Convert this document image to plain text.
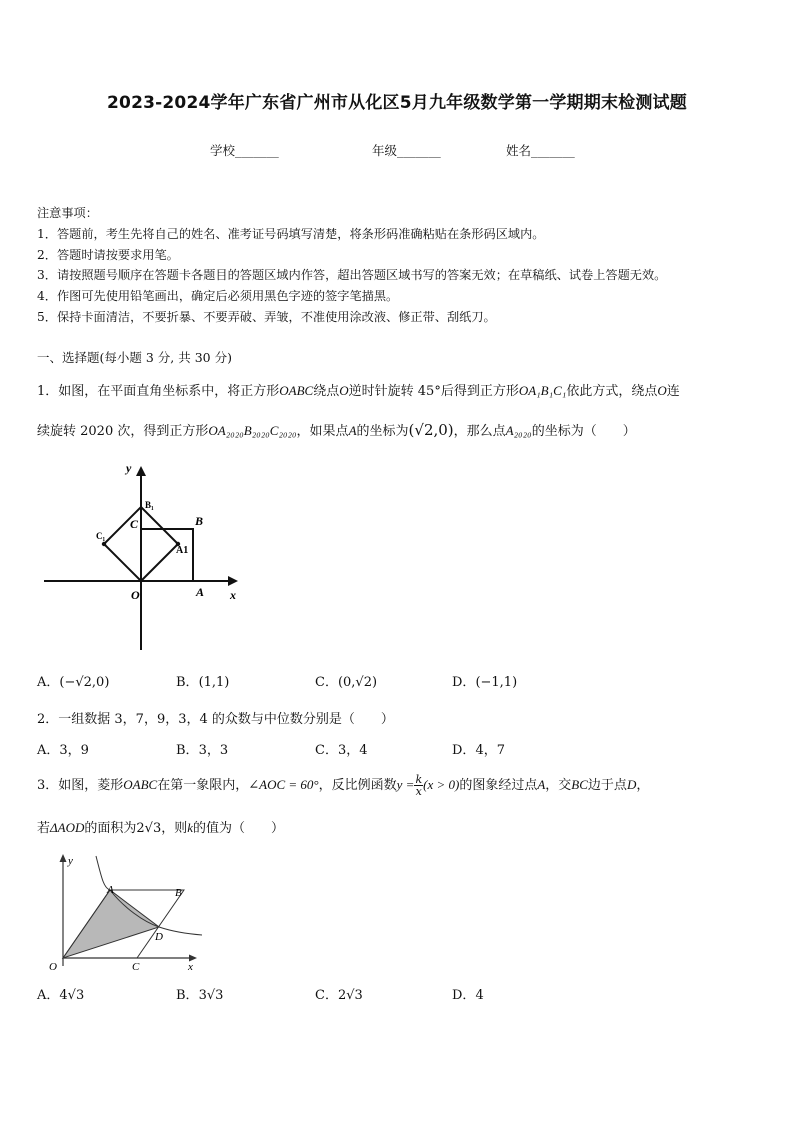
2023-2024学年广东省广州市从化区5月九年级数学第一学期期末检测试题
学校_______	年级_______	姓名_______
注意事项：
1．答题前，考生先将自己的姓名、准考证号码填写清楚，将条形码准确粘贴在条形码区域内。
2．答题时请按要求用笔。
3．请按照题号顺序在答题卡各题目的答题区域内作答，超出答题区域书写的答案无效；在草稿纸、试卷上答题无效。
4．作图可先使用铅笔画出，确定后必须用黑色字迹的签字笔描黑。
5．保持卡面清洁，不要折暴、不要弄破、弄皱，不准使用涂改液、修正带、刮纸刀。
一、选择题(每小题 3 分, 共 30 分)
1．如图，在平面直角坐标系中，将正方形OABC绕点O逆时针旋转 45°后得到正方形OA₁B₁C₁依此方式，绕点O连
续旋转 2020 次，得到正方形OA₂₀₂₀B₂₀₂₀C₂₀₂₀，如果点A的坐标为(√2,0)，那么点A₂₀₂₀的坐标为（　　）
y
x
B₁
B
C
C₁
A1
O	A
A．(−√2,0)	B．(1,1)	C．(0,√2)	D．(−1,1)
2．一组数据 3，7，9，3，4 的众数与中位数分别是（　　）
A．3，9	B．3，3	C．3，4	D．4，7
3．如图，菱形OABC在第一象限内，∠AOC = 60°，反比例函数$y = \frac{k}{x} (x > 0)$的图象经过点A，交BC边于点D，
若ΔAOD的面积为2√3，则k的值为（　　）
y
x
A	B
D
O	C
A．4√3	B．3√3	C．2√3	D．4
